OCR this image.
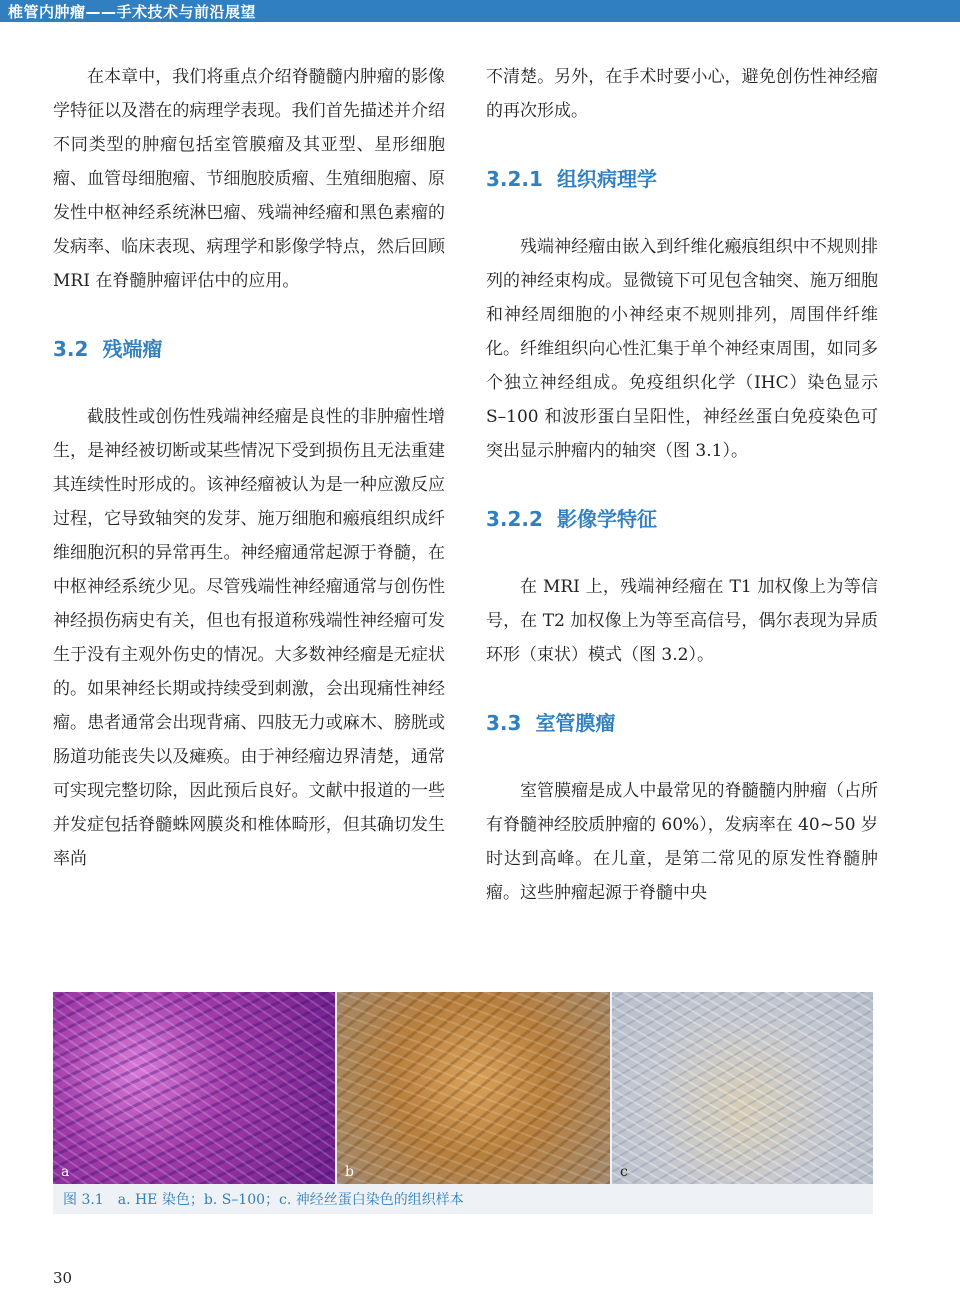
椎管内肿瘤——手术技术与前沿展望

在本章中，我们将重点介绍脊髓髓内肿瘤的影像学特征以及潜在的病理学表现。我们首先描述并介绍不同类型的肿瘤包括室管膜瘤及其亚型、星形细胞瘤、血管母细胞瘤、节细胞胶质瘤、生殖细胞瘤、原发性中枢神经系统淋巴瘤、残端神经瘤和黑色素瘤的发病率、临床表现、病理学和影像学特点，然后回顾 MRI 在脊髓肿瘤评估中的应用。

3.2 残端瘤

截肢性或创伤性残端神经瘤是良性的非肿瘤性增生，是神经被切断或某些情况下受到损伤且无法重建其连续性时形成的。该神经瘤被认为是一种应激反应过程，它导致轴突的发芽、施万细胞和瘢痕组织成纤维细胞沉积的异常再生。神经瘤通常起源于脊髓，在中枢神经系统少见。尽管残端性神经瘤通常与创伤性神经损伤病史有关，但也有报道称残端性神经瘤可发生于没有主观外伤史的情况。大多数神经瘤是无症状的。如果神经长期或持续受到刺激，会出现痛性神经瘤。患者通常会出现背痛、四肢无力或麻木、膀胱或肠道功能丧失以及瘫痪。由于神经瘤边界清楚，通常可实现完整切除，因此预后良好。文献中报道的一些并发症包括脊髓蛛网膜炎和椎体畸形，但其确切发生率尚

不清楚。另外，在手术时要小心，避免创伤性神经瘤的再次形成。

3.2.1 组织病理学

残端神经瘤由嵌入到纤维化瘢痕组织中不规则排列的神经束构成。显微镜下可见包含轴突、施万细胞和神经周细胞的小神经束不规则排列，周围伴纤维化。纤维组织向心性汇集于单个神经束周围，如同多个独立神经组成。免疫组织化学（IHC）染色显示 S–100 和波形蛋白呈阳性，神经丝蛋白免疫染色可突出显示肿瘤内的轴突（图 3.1）。

3.2.2 影像学特征

在 MRI 上，残端神经瘤在 T1 加权像上为等信号，在 T2 加权像上为等至高信号，偶尔表现为异质环形（束状）模式（图 3.2）。

3.3 室管膜瘤

室管膜瘤是成人中最常见的脊髓髓内肿瘤（占所有脊髓神经胶质肿瘤的 60%），发病率在 40~50 岁时达到高峰。在儿童，是第二常见的原发性脊髓肿瘤。这些肿瘤起源于脊髓中央

a	b	c
图 3.1 a. HE 染色；b. S–100；c. 神经丝蛋白染色的组织样本
30
